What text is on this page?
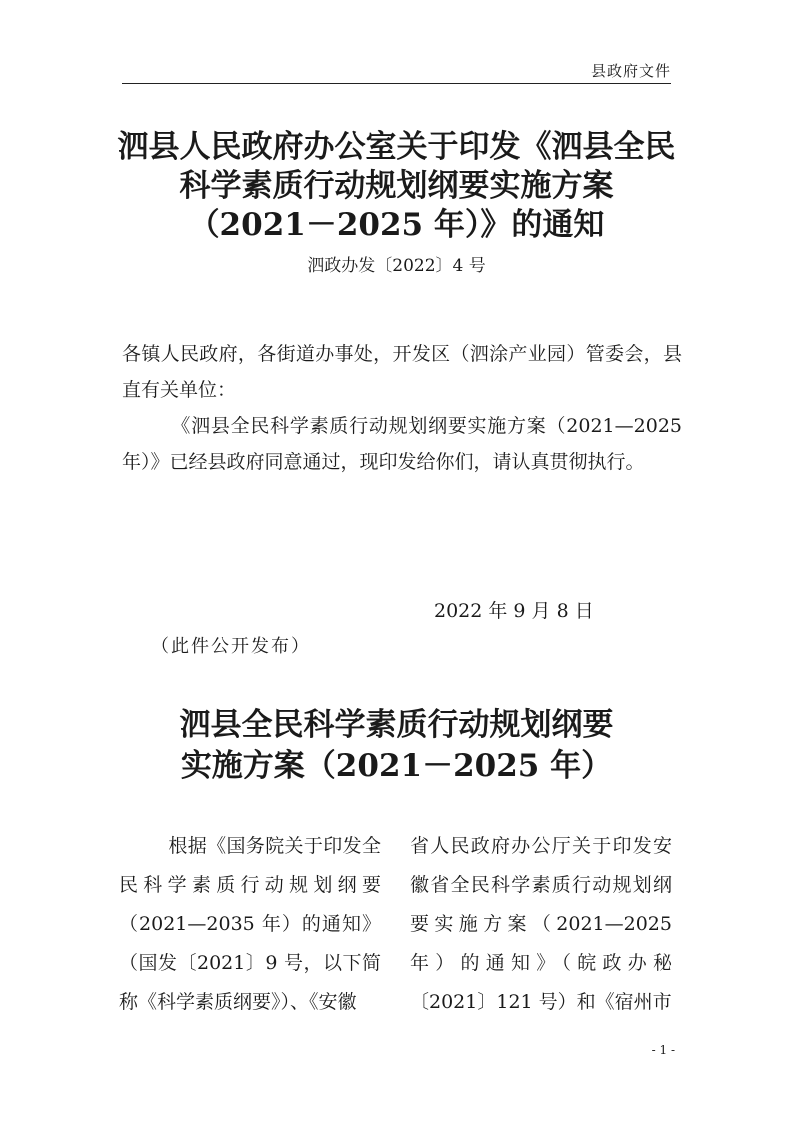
县政府文件
泗县人民政府办公室关于印发《泗县全民
科学素质行动规划纲要实施方案
（2021－2025 年）》的通知
泗政办发〔2022〕4 号
各镇人民政府，各街道办事处，开发区（泗涂产业园）管委会，县直有关单位：
《泗县全民科学素质行动规划纲要实施方案（2021—2025 年）》已经县政府同意通过，现印发给你们，请认真贯彻执行。
2022 年 9 月 8 日
（此件公开发布）
泗县全民科学素质行动规划纲要
实施方案（2021－2025 年）
根据《国务院关于印发全民科学素质行动规划纲要（2021—2035 年）的通知》（国发〔2021〕9 号，以下简称《科学素质纲要》）、《安徽
省人民政府办公厅关于印发安徽省全民科学素质行动规划纲要实施方案（2021—2025 年）的通知》（皖政办秘〔2021〕121 号）和《宿州市
- 1 -
